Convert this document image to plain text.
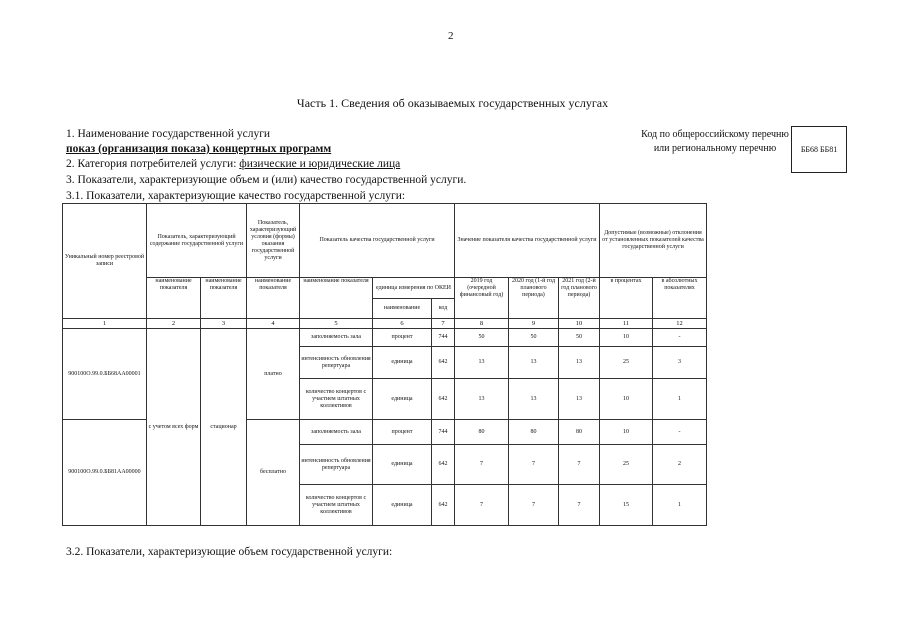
2
Часть 1. Сведения об оказываемых государственных услугах
1. Наименование государственной услуги
показ (организация показа) концертных программ
2. Категория потребителей услуги: физические и юридические лица
3. Показатели, характеризующие объем и (или) качество государственной услуги.
3.1. Показатели, характеризующие качество государственной услуги:
Код по общероссийскому перечню или региональному перечню	ББ68 ББ81
Уникальный номер реестровой записи	Показатель, характеризующий содержание государственной услуги		Показатель, характеризующий условия (формы) оказания государственной услуги	Показатель качества государственной услуги			Значение показателя качества государственной услуги			Допустимые (возможные) отклонения от установленных показателей качества государственной услуги	
	наименование показателя	наименование показателя	наименование показателя	наименование показателя	единица измерения по ОКЕИ		2019 год (очередной финансовый год)	2020 год (1-й год планового периода)	2021 год (2-й год планового периода)	в процентах	в абсолютных показателях
					наименование	код					
1	2	3	4	5	6	7	8	9	10	11	12
900100О.99.0.ББ68АА00001	с учетом всех форм	стационар	платно	заполняемость зала	процент	744	50	50	50	10	-
				интенсивность обновления репертуара	единица	642	13	13	13	25	3
				количество концертов с участием штатных коллективов	единица	642	13	13	13	10	1
900100О.99.0.ББ81АА00000			бесплатно	заполняемость зала	процент	744	80	80	80	10	-
				интенсивность обновления репертуара	единица	642	7	7	7	25	2
				количество концертов с участием штатных коллективов	единица	642	7	7	7	15	1
3.2. Показатели, характеризующие объем государственной услуги:
